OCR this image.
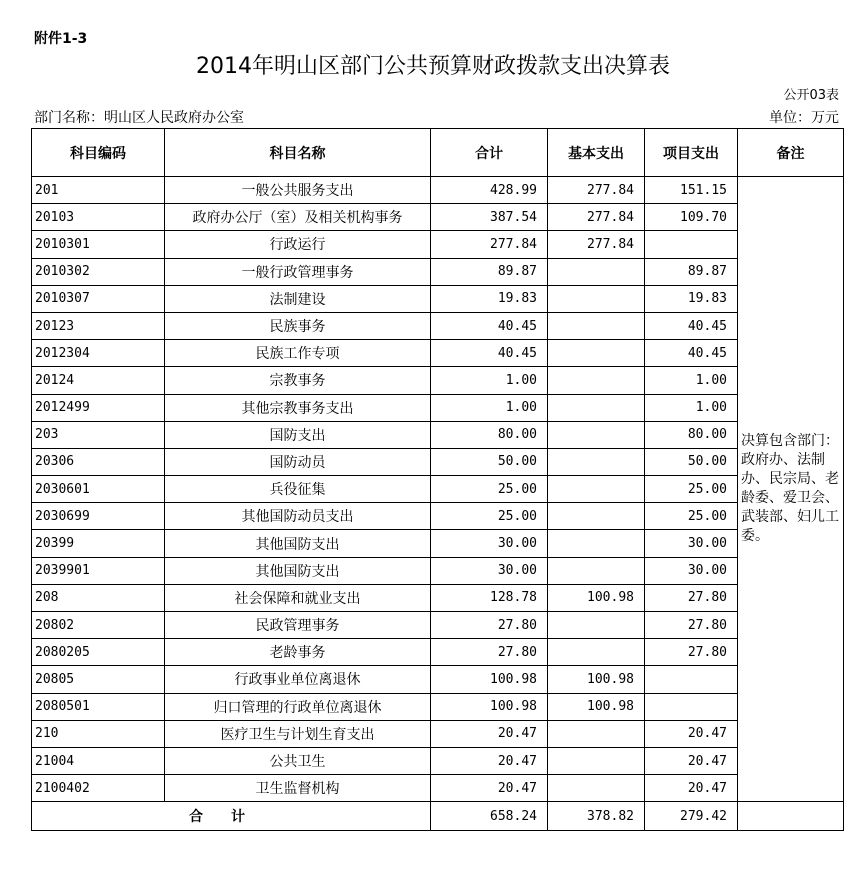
附件1-3
2014年明山区部门公共预算财政拨款支出决算表
公开03表
部门名称：明山区人民政府办公室	单位：万元
科目编码	科目名称	合计	基本支出	项目支出	备注
201	一般公共服务支出	428.99	277.84	151.15	决算包含部门：政府办、法制办、民宗局、老龄委、爱卫会、武装部、妇儿工委。
20103	政府办公厅（室）及相关机构事务	387.54	277.84	109.70	
2010301	行政运行	277.84	277.84		
2010302	一般行政管理事务	89.87		89.87	
2010307	法制建设	19.83		19.83	
20123	民族事务	40.45		40.45	
2012304	民族工作专项	40.45		40.45	
20124	宗教事务	1.00		1.00	
2012499	其他宗教事务支出	1.00		1.00	
203	国防支出	80.00		80.00	
20306	国防动员	50.00		50.00	
2030601	兵役征集	25.00		25.00	
2030699	其他国防动员支出	25.00		25.00	
20399	其他国防支出	30.00		30.00	
2039901	其他国防支出	30.00		30.00	
208	社会保障和就业支出	128.78	100.98	27.80	
20802	民政管理事务	27.80		27.80	
2080205	老龄事务	27.80		27.80	
20805	行政事业单位离退休	100.98	100.98		
2080501	归口管理的行政单位离退休	100.98	100.98		
210	医疗卫生与计划生育支出	20.47		20.47	
21004	公共卫生	20.47		20.47	
2100402	卫生监督机构	20.47		20.47	
合计		658.24	378.82	279.42	
